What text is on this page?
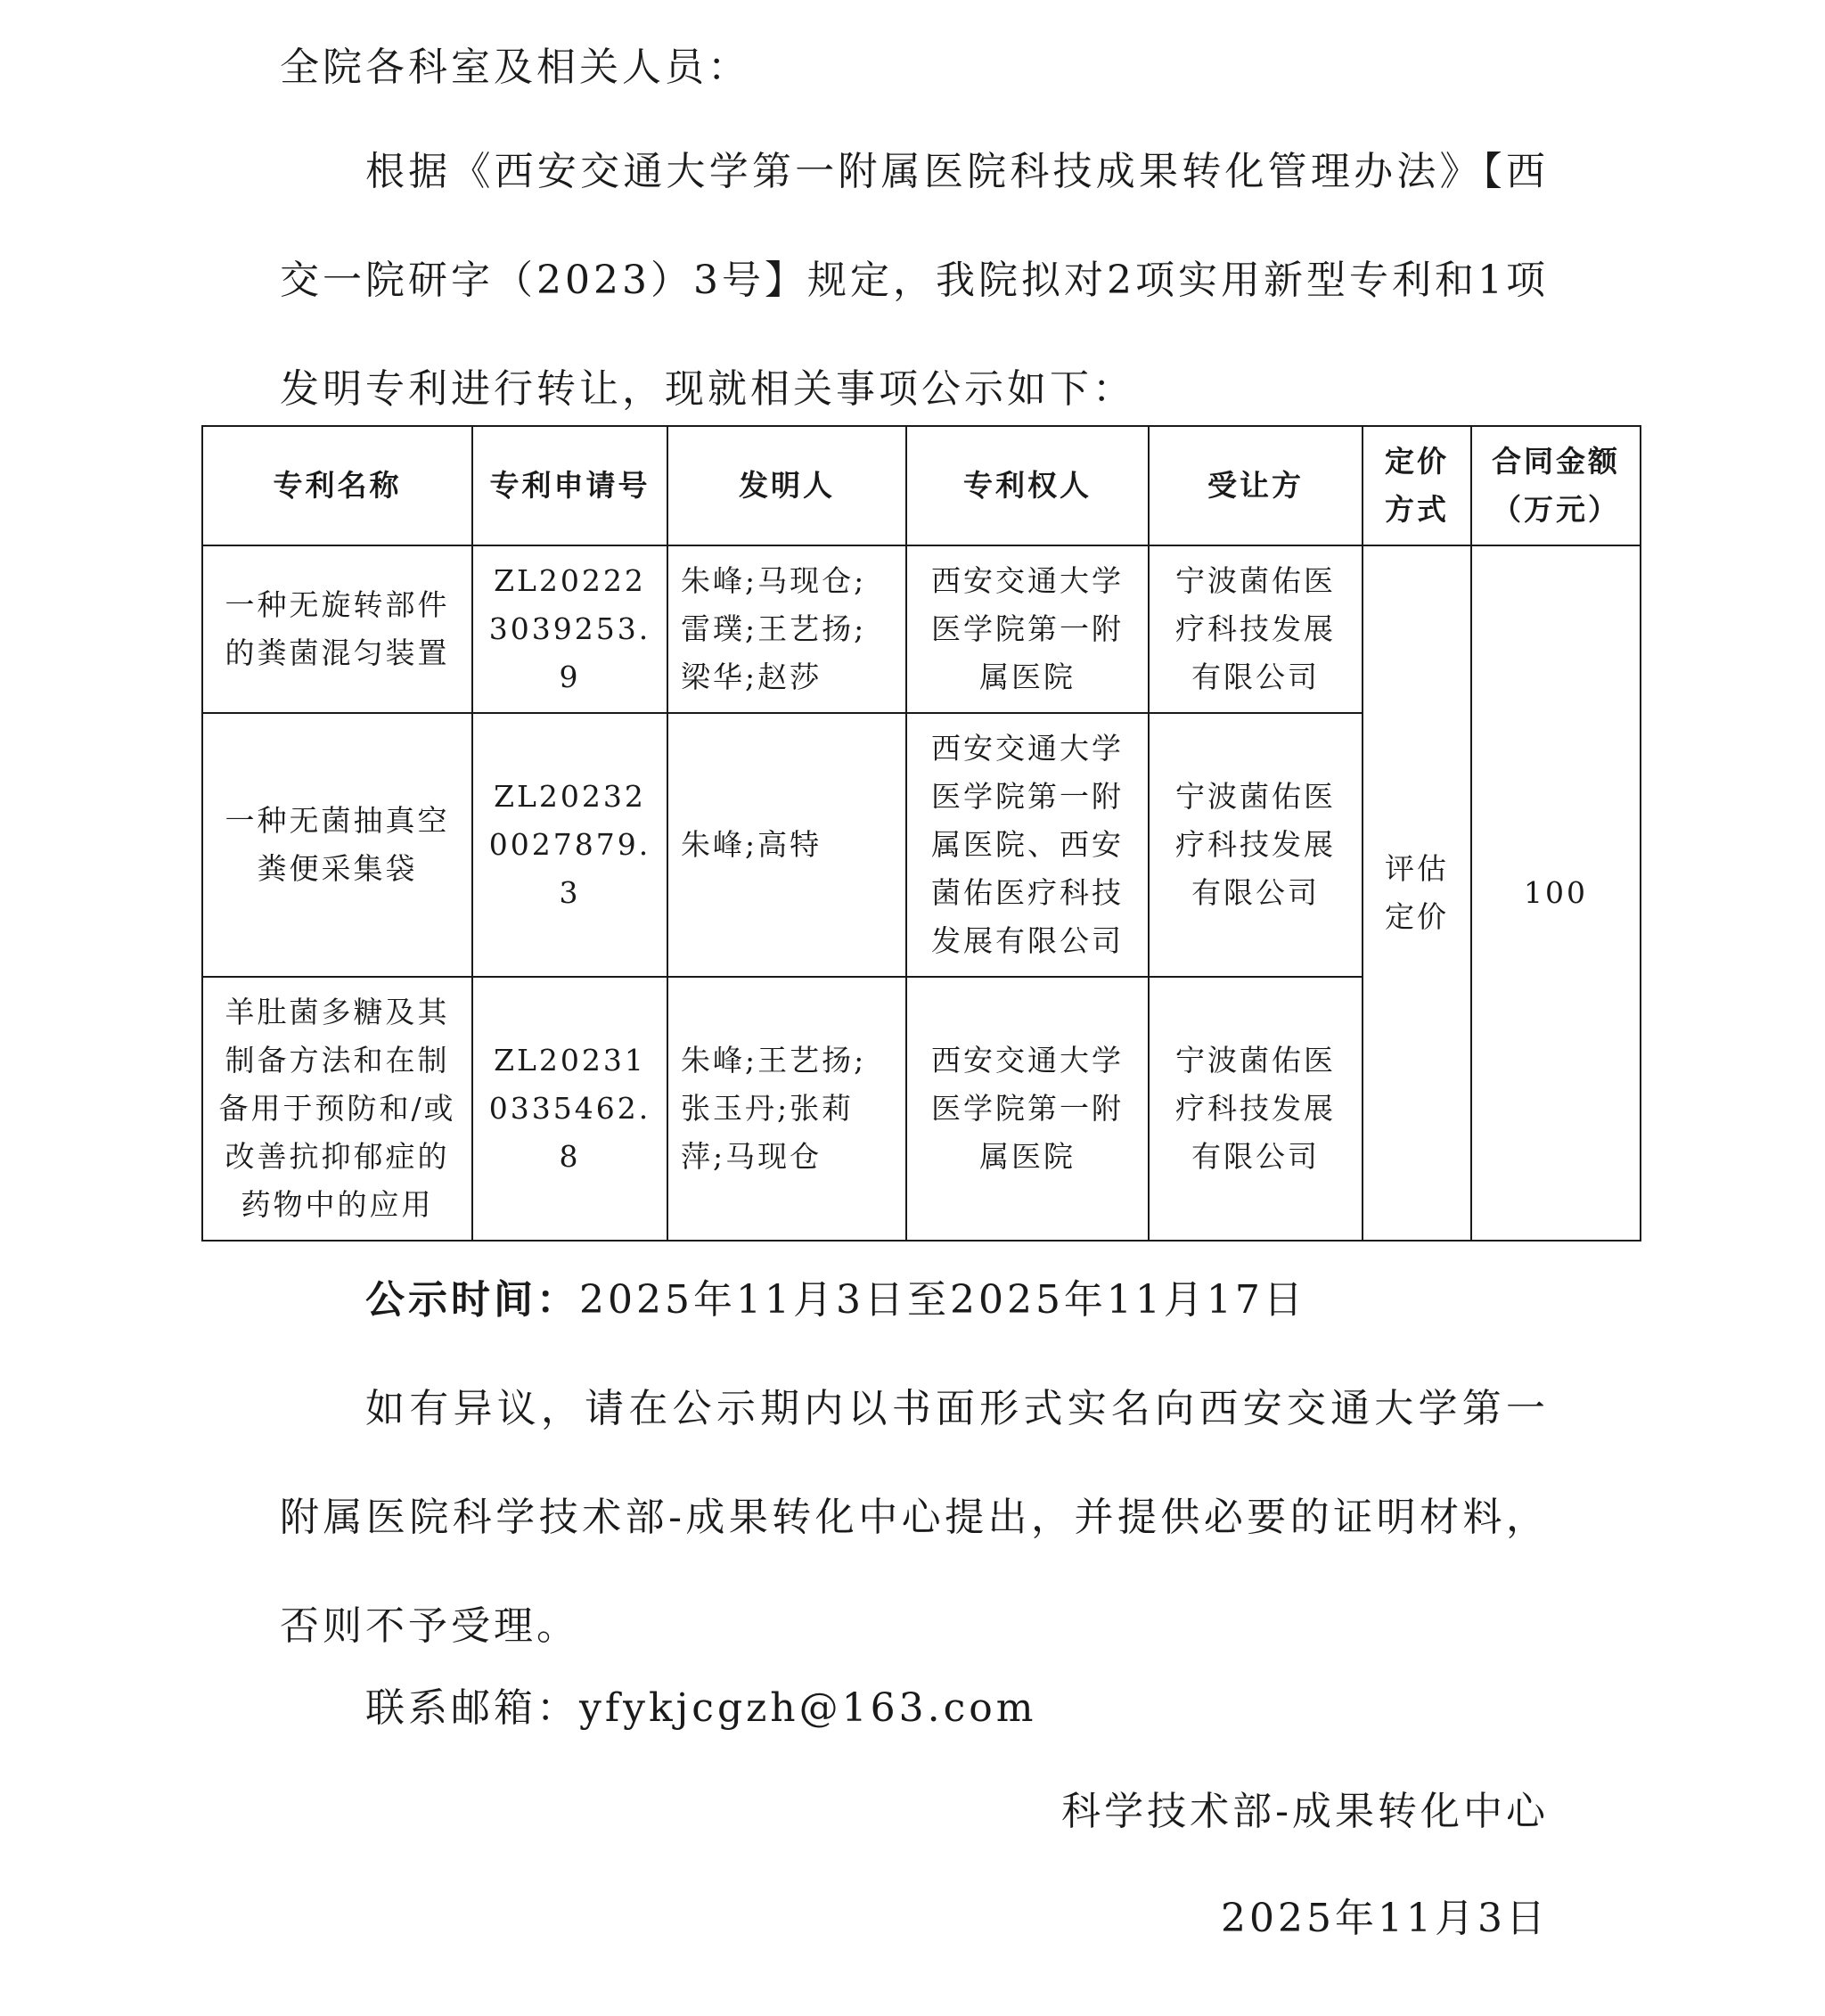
全院各科室及相关人员：

根据《西安交通大学第一附属医院科技成果转化管理办法》【西交一院研字（2023）3号】规定，我院拟对2项实用新型专利和1项发明专利进行转让，现就相关事项公示如下：

专利名称	专利申请号	发明人	专利权人	受让方	定价方式	合同金额（万元）
一种无旋转部件的粪菌混匀装置	ZL202223039253.9	朱峰;马现仓;雷璞;王艺扬;梁华;赵莎	西安交通大学医学院第一附属医院	宁波菌佑医疗科技发展有限公司	评估定价	100
一种无菌抽真空粪便采集袋	ZL202320027879.3	朱峰;高特	西安交通大学医学院第一附属医院、西安菌佑医疗科技发展有限公司	宁波菌佑医疗科技发展有限公司		
羊肚菌多糖及其制备方法和在制备用于预防和/或改善抗抑郁症的药物中的应用	ZL202310335462.8	朱峰;王艺扬;张玉丹;张莉萍;马现仓	西安交通大学医学院第一附属医院	宁波菌佑医疗科技发展有限公司		

公示时间：2025年11月3日至2025年11月17日

如有异议，请在公示期内以书面形式实名向西安交通大学第一附属医院科学技术部-成果转化中心提出，并提供必要的证明材料，否则不予受理。

联系邮箱：yfykjcgzh@163.com

科学技术部-成果转化中心
2025年11月3日
